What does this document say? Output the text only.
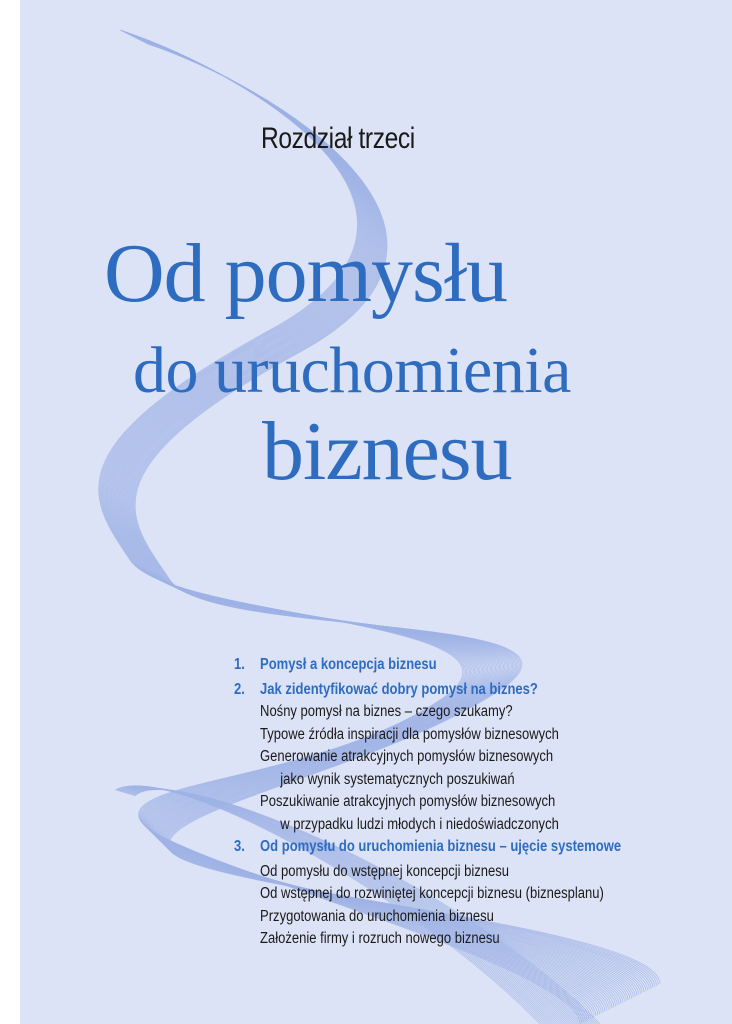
Rozdział trzeci
Od pomysłu
do uruchomienia
biznesu
1. Pomysł a koncepcja biznesu
2. Jak zidentyfikować dobry pomysł na biznes?
Nośny pomysł na biznes – czego szukamy?
Typowe źródła inspiracji dla pomysłów biznesowych
Generowanie atrakcyjnych pomysłów biznesowych
jako wynik systematycznych poszukiwań
Poszukiwanie atrakcyjnych pomysłów biznesowych
w przypadku ludzi młodych i niedoświadczonych
3. Od pomysłu do uruchomienia biznesu – ujęcie systemowe
Od pomysłu do wstępnej koncepcji biznesu
Od wstępnej do rozwiniętej koncepcji biznesu (biznesplanu)
Przygotowania do uruchomienia biznesu
Założenie firmy i rozruch nowego biznesu
